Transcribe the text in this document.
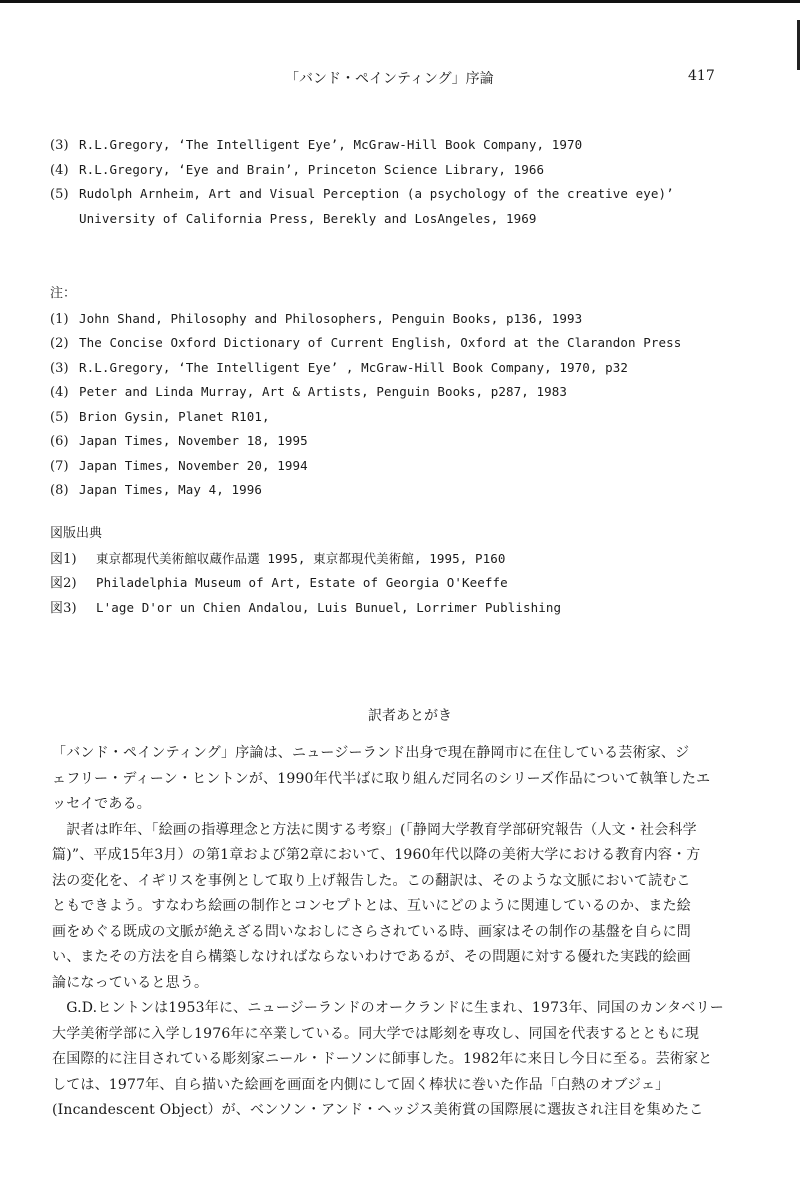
「バンド・ペインティング」序論	417
(3) R.L.Gregory, ‘The Intelligent Eye’, McGraw-Hill Book Company, 1970
(4) R.L.Gregory, ‘Eye and Brain’, Princeton Science Library, 1966
(5) Rudolph Arnheim, Art and Visual Perception (a psychology of the creative eye)’
University of California Press, Berekly and LosAngeles, 1969
注：
(1) John Shand, Philosophy and Philosophers, Penguin Books, p136, 1993
(2) The Concise Oxford Dictionary of Current English, Oxford at the Clarandon Press
(3) R.L.Gregory, ‘The Intelligent Eye’ , McGraw-Hill Book Company, 1970, p32
(4) Peter and Linda Murray, Art & Artists, Penguin Books, p287, 1983
(5) Brion Gysin, Planet R101,
(6) Japan Times, November 18, 1995
(7) Japan Times, November 20, 1994
(8) Japan Times, May 4, 1996
図版出典
図1) 東京都現代美術館収蔵作品選 1995, 東京都現代美術館, 1995, P160
図2) Philadelphia Museum of Art, Estate of Georgia O'Keeffe
図3) L'age D'or un Chien Andalou, Luis Bunuel, Lorrimer Publishing
訳者あとがき

「バンド・ペインティング」序論は、ニュージーランド出身で現在静岡市に在住している芸術家、ジ
ェフリー・ディーン・ヒントンが、1990年代半ばに取り組んだ同名のシリーズ作品について執筆したエ
ッセイである。

　訳者は昨年、「絵画の指導理念と方法に関する考察」(「静岡大学教育学部研究報告（人文・社会科学
篇)”、平成15年3月）の第1章および第2章において、1960年代以降の美術大学における教育内容・方
法の変化を、イギリスを事例として取り上げ報告した。この翻訳は、そのような文脈において読むこ
ともできよう。すなわち絵画の制作とコンセプトとは、互いにどのように関連しているのか、また絵
画をめぐる既成の文脈が絶えざる問いなおしにさらされている時、画家はその制作の基盤を自らに問
い、またその方法を自ら構築しなければならないわけであるが、その問題に対する優れた実践的絵画
論になっていると思う。

　G.D.ヒントンは1953年に、ニュージーランドのオークランドに生まれ、1973年、同国のカンタベリー
大学美術学部に入学し1976年に卒業している。同大学では彫刻を専攻し、同国を代表するとともに現
在国際的に注目されている彫刻家ニール・ドーソンに師事した。1982年に来日し今日に至る。芸術家と
しては、1977年、自ら描いた絵画を画面を内側にして固く棒状に巻いた作品「白熱のオブジェ」
(Incandescent Object）が、ベンソン・アンド・ヘッジス美術賞の国際展に選抜され注目を集めたこ
